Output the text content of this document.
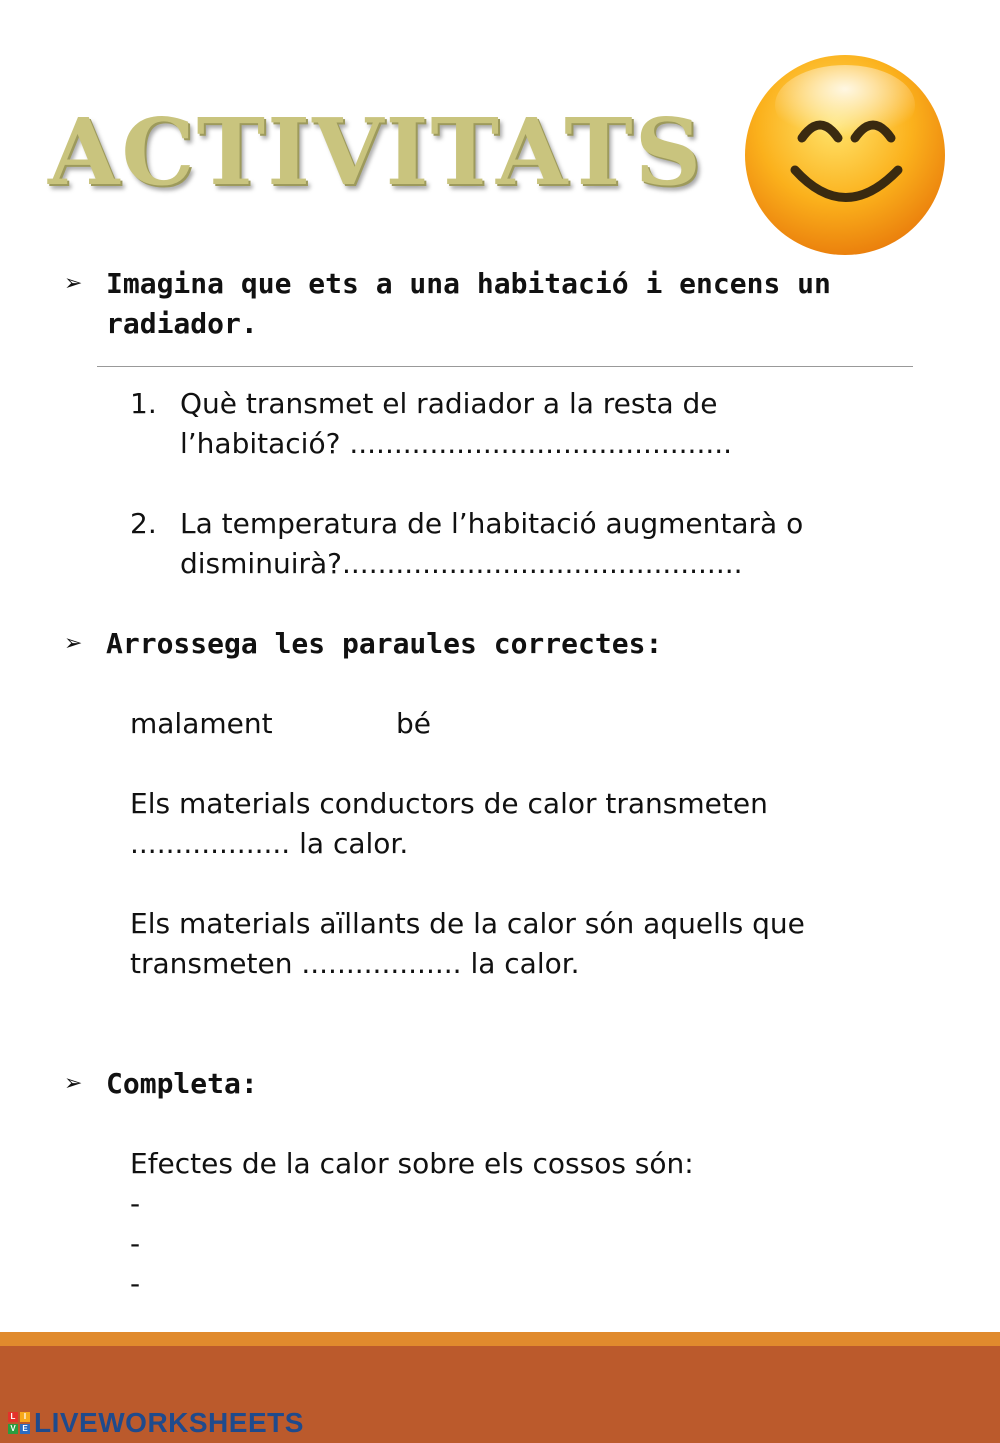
ACTIVITATS
➢ Imagina que ets a una habitació i encens un
radiador.
1. Què transmet el radiador a la resta de
l’habitació? ...........................................
2. La temperatura de l’habitació augmentarà o
disminuirà?.............................................
➢ Arrossega les paraules correctes:
malament	bé
Els materials conductors de calor transmeten
.................. la calor.
Els materials aïllants de la calor són aquells que
transmeten .................. la calor.
➢ Completa:
Efectes de la calor sobre els cossos són:
-
-
-
L	I
V E LIVEWORKSHEETS
